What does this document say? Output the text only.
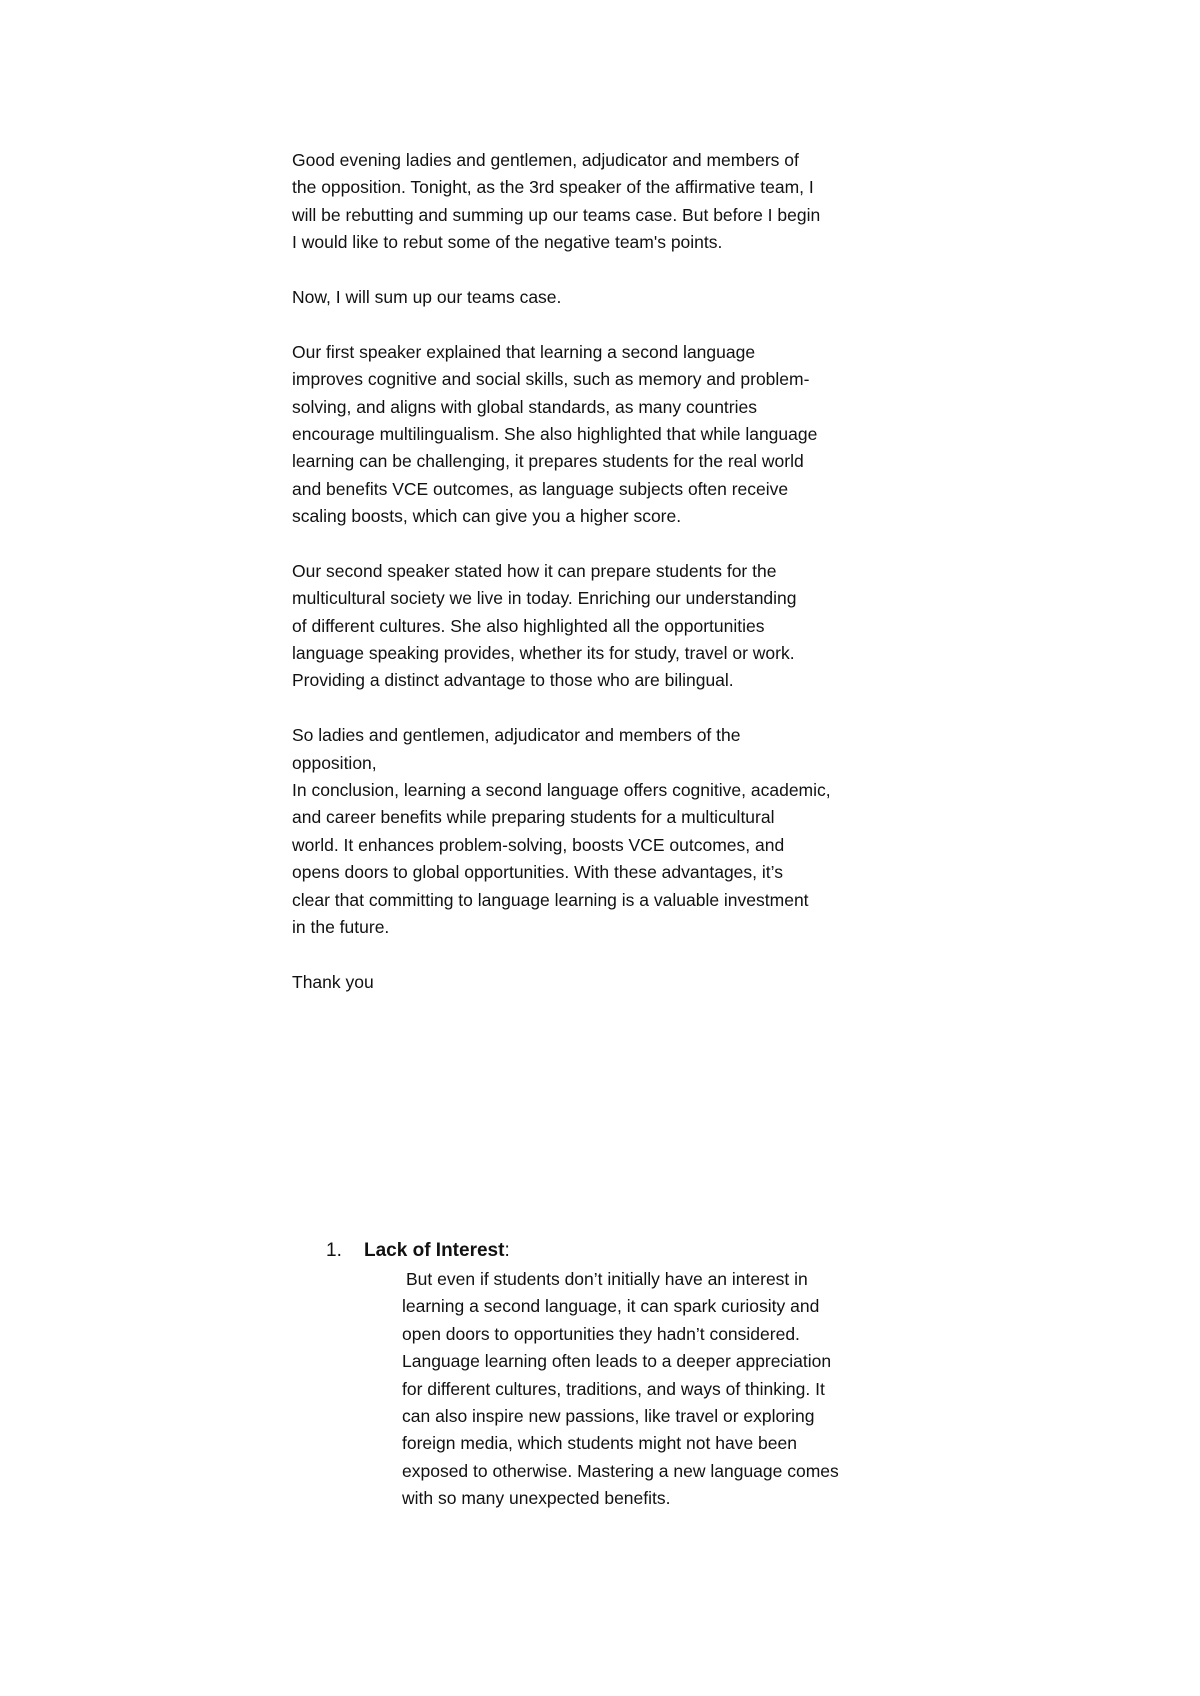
Good evening ladies and gentlemen, adjudicator and members of
the opposition. Tonight, as the 3rd speaker of the affirmative team, I
will be rebutting and summing up our teams case. But before I begin
I would like to rebut some of the negative team's points.
Now, I will sum up our teams case.
Our first speaker explained that learning a second language
improves cognitive and social skills, such as memory and problem-
solving, and aligns with global standards, as many countries
encourage multilingualism. She also highlighted that while language
learning can be challenging, it prepares students for the real world
and benefits VCE outcomes, as language subjects often receive
scaling boosts, which can give you a higher score.
Our second speaker stated how it can prepare students for the
multicultural society we live in today. Enriching our understanding
of different cultures. She also highlighted all the opportunities
language speaking provides, whether its for study, travel or work.
Providing a distinct advantage to those who are bilingual.
So ladies and gentlemen, adjudicator and members of the
opposition,
In conclusion, learning a second language offers cognitive, academic,
and career benefits while preparing students for a multicultural
world. It enhances problem-solving, boosts VCE outcomes, and
opens doors to global opportunities. With these advantages, it’s
clear that committing to language learning is a valuable investment
in the future.
Thank you
1. Lack of Interest:
But even if students don’t initially have an interest in
learning a second language, it can spark curiosity and
open doors to opportunities they hadn’t considered.
Language learning often leads to a deeper appreciation
for different cultures, traditions, and ways of thinking. It
can also inspire new passions, like travel or exploring
foreign media, which students might not have been
exposed to otherwise. Mastering a new language comes
with so many unexpected benefits.
